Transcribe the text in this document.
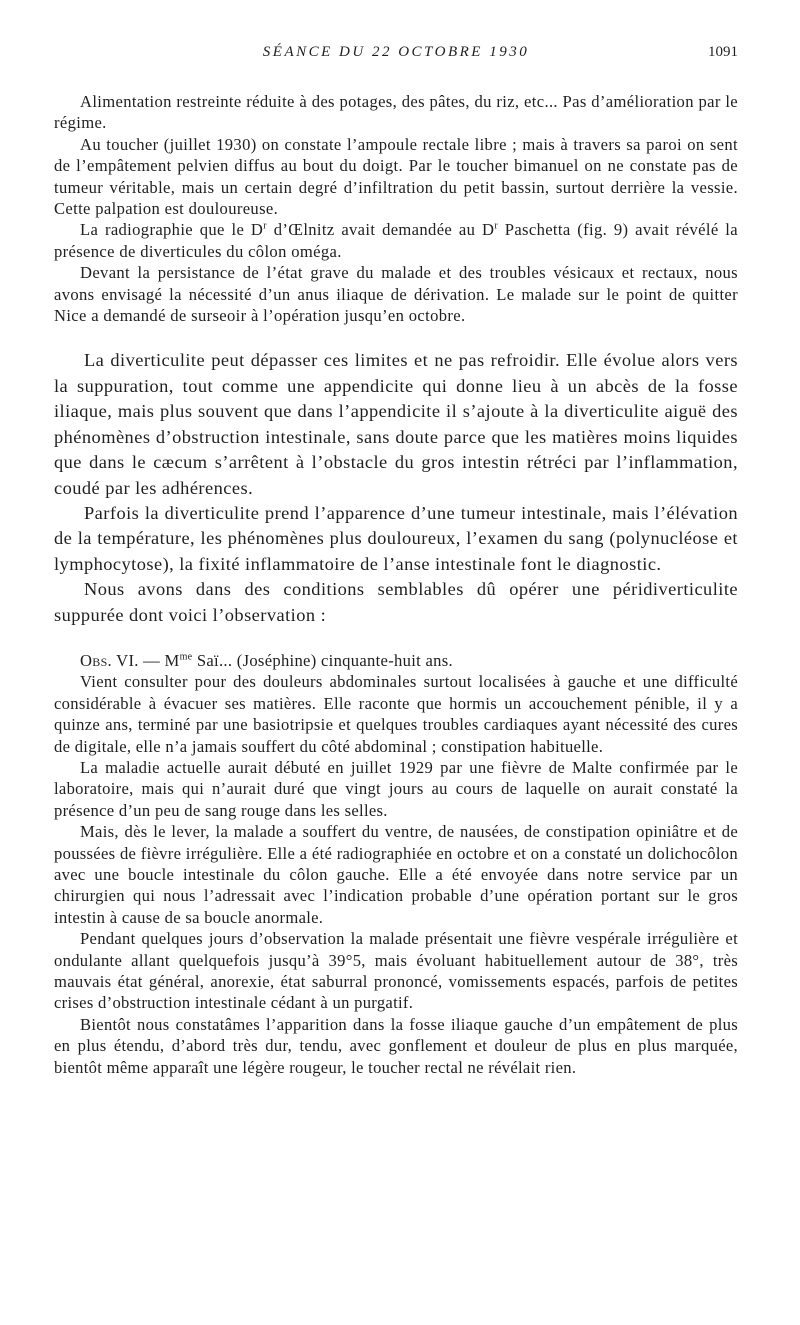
SÉANCE DU 22 OCTOBRE 1930	1091

Alimentation restreinte réduite à des potages, des pâtes, du riz, etc... Pas d’amélioration par le régime.

Au toucher (juillet 1930) on constate l’ampoule rectale libre ; mais à travers sa paroi on sent de l’empâtement pelvien diffus au bout du doigt. Par le toucher bimanuel on ne constate pas de tumeur véritable, mais un certain degré d’infiltration du petit bassin, surtout derrière la vessie. Cette palpation est douloureuse.

La radiographie que le $D^r$ d’Œlnitz avait demandée au $D^r$ Paschetta (fig. 9) avait révélé la présence de diverticules du côlon oméga.

Devant la persistance de l’état grave du malade et des troubles vésicaux et rectaux, nous avons envisagé la nécessité d’un anus iliaque de dérivation. Le malade sur le point de quitter Nice a demandé de surseoir à l’opération jusqu’en octobre.

La diverticulite peut dépasser ces limites et ne pas refroidir. Elle évolue alors vers la suppuration, tout comme une appendicite qui donne lieu à un abcès de la fosse iliaque, mais plus souvent que dans l’appendicite il s’ajoute à la diverticulite aiguë des phénomènes d’obstruction intestinale, sans doute parce que les matières moins liquides que dans le cæcum s’arrêtent à l’obstacle du gros intestin rétréci par l’inflammation, coudé par les adhérences.

Parfois la diverticulite prend l’apparence d’une tumeur intestinale, mais l’élévation de la température, les phénomènes plus douloureux, l’examen du sang (polynucléose et lymphocytose), la fixité inflammatoire de l’anse intestinale font le diagnostic.

Nous avons dans des conditions semblables dû opérer une péridiverticulite suppurée dont voici l’observation :

Obs. VI. — $M^{me}$ Saï... (Joséphine) cinquante-huit ans.

Vient consulter pour des douleurs abdominales surtout localisées à gauche et une difficulté considérable à évacuer ses matières. Elle raconte que hormis un accouchement pénible, il y a quinze ans, terminé par une basiotripsie et quelques troubles cardiaques ayant nécessité des cures de digitale, elle n’a jamais souffert du côté abdominal ; constipation habituelle.

La maladie actuelle aurait débuté en juillet 1929 par une fièvre de Malte confirmée par le laboratoire, mais qui n’aurait duré que vingt jours au cours de laquelle on aurait constaté la présence d’un peu de sang rouge dans les selles.

Mais, dès le lever, la malade a souffert du ventre, de nausées, de constipation opiniâtre et de poussées de fièvre irrégulière. Elle a été radiographiée en octobre et on a constaté un dolichocôlon avec une boucle intestinale du côlon gauche. Elle a été envoyée dans notre service par un chirurgien qui nous l’adressait avec l’indication probable d’une opération portant sur le gros intestin à cause de sa boucle anormale.

Pendant quelques jours d’observation la malade présentait une fièvre vespérale irrégulière et ondulante allant quelquefois jusqu’à 39°5, mais évoluant habituellement autour de 38°, très mauvais état général, anorexie, état saburral prononcé, vomissements espacés, parfois de petites crises d’obstruction intestinale cédant à un purgatif.

Bientôt nous constatâmes l’apparition dans la fosse iliaque gauche d’un empâtement de plus en plus étendu, d’abord très dur, tendu, avec gonflement et douleur de plus en plus marquée, bientôt même apparaît une légère rougeur, le toucher rectal ne révélait rien.
